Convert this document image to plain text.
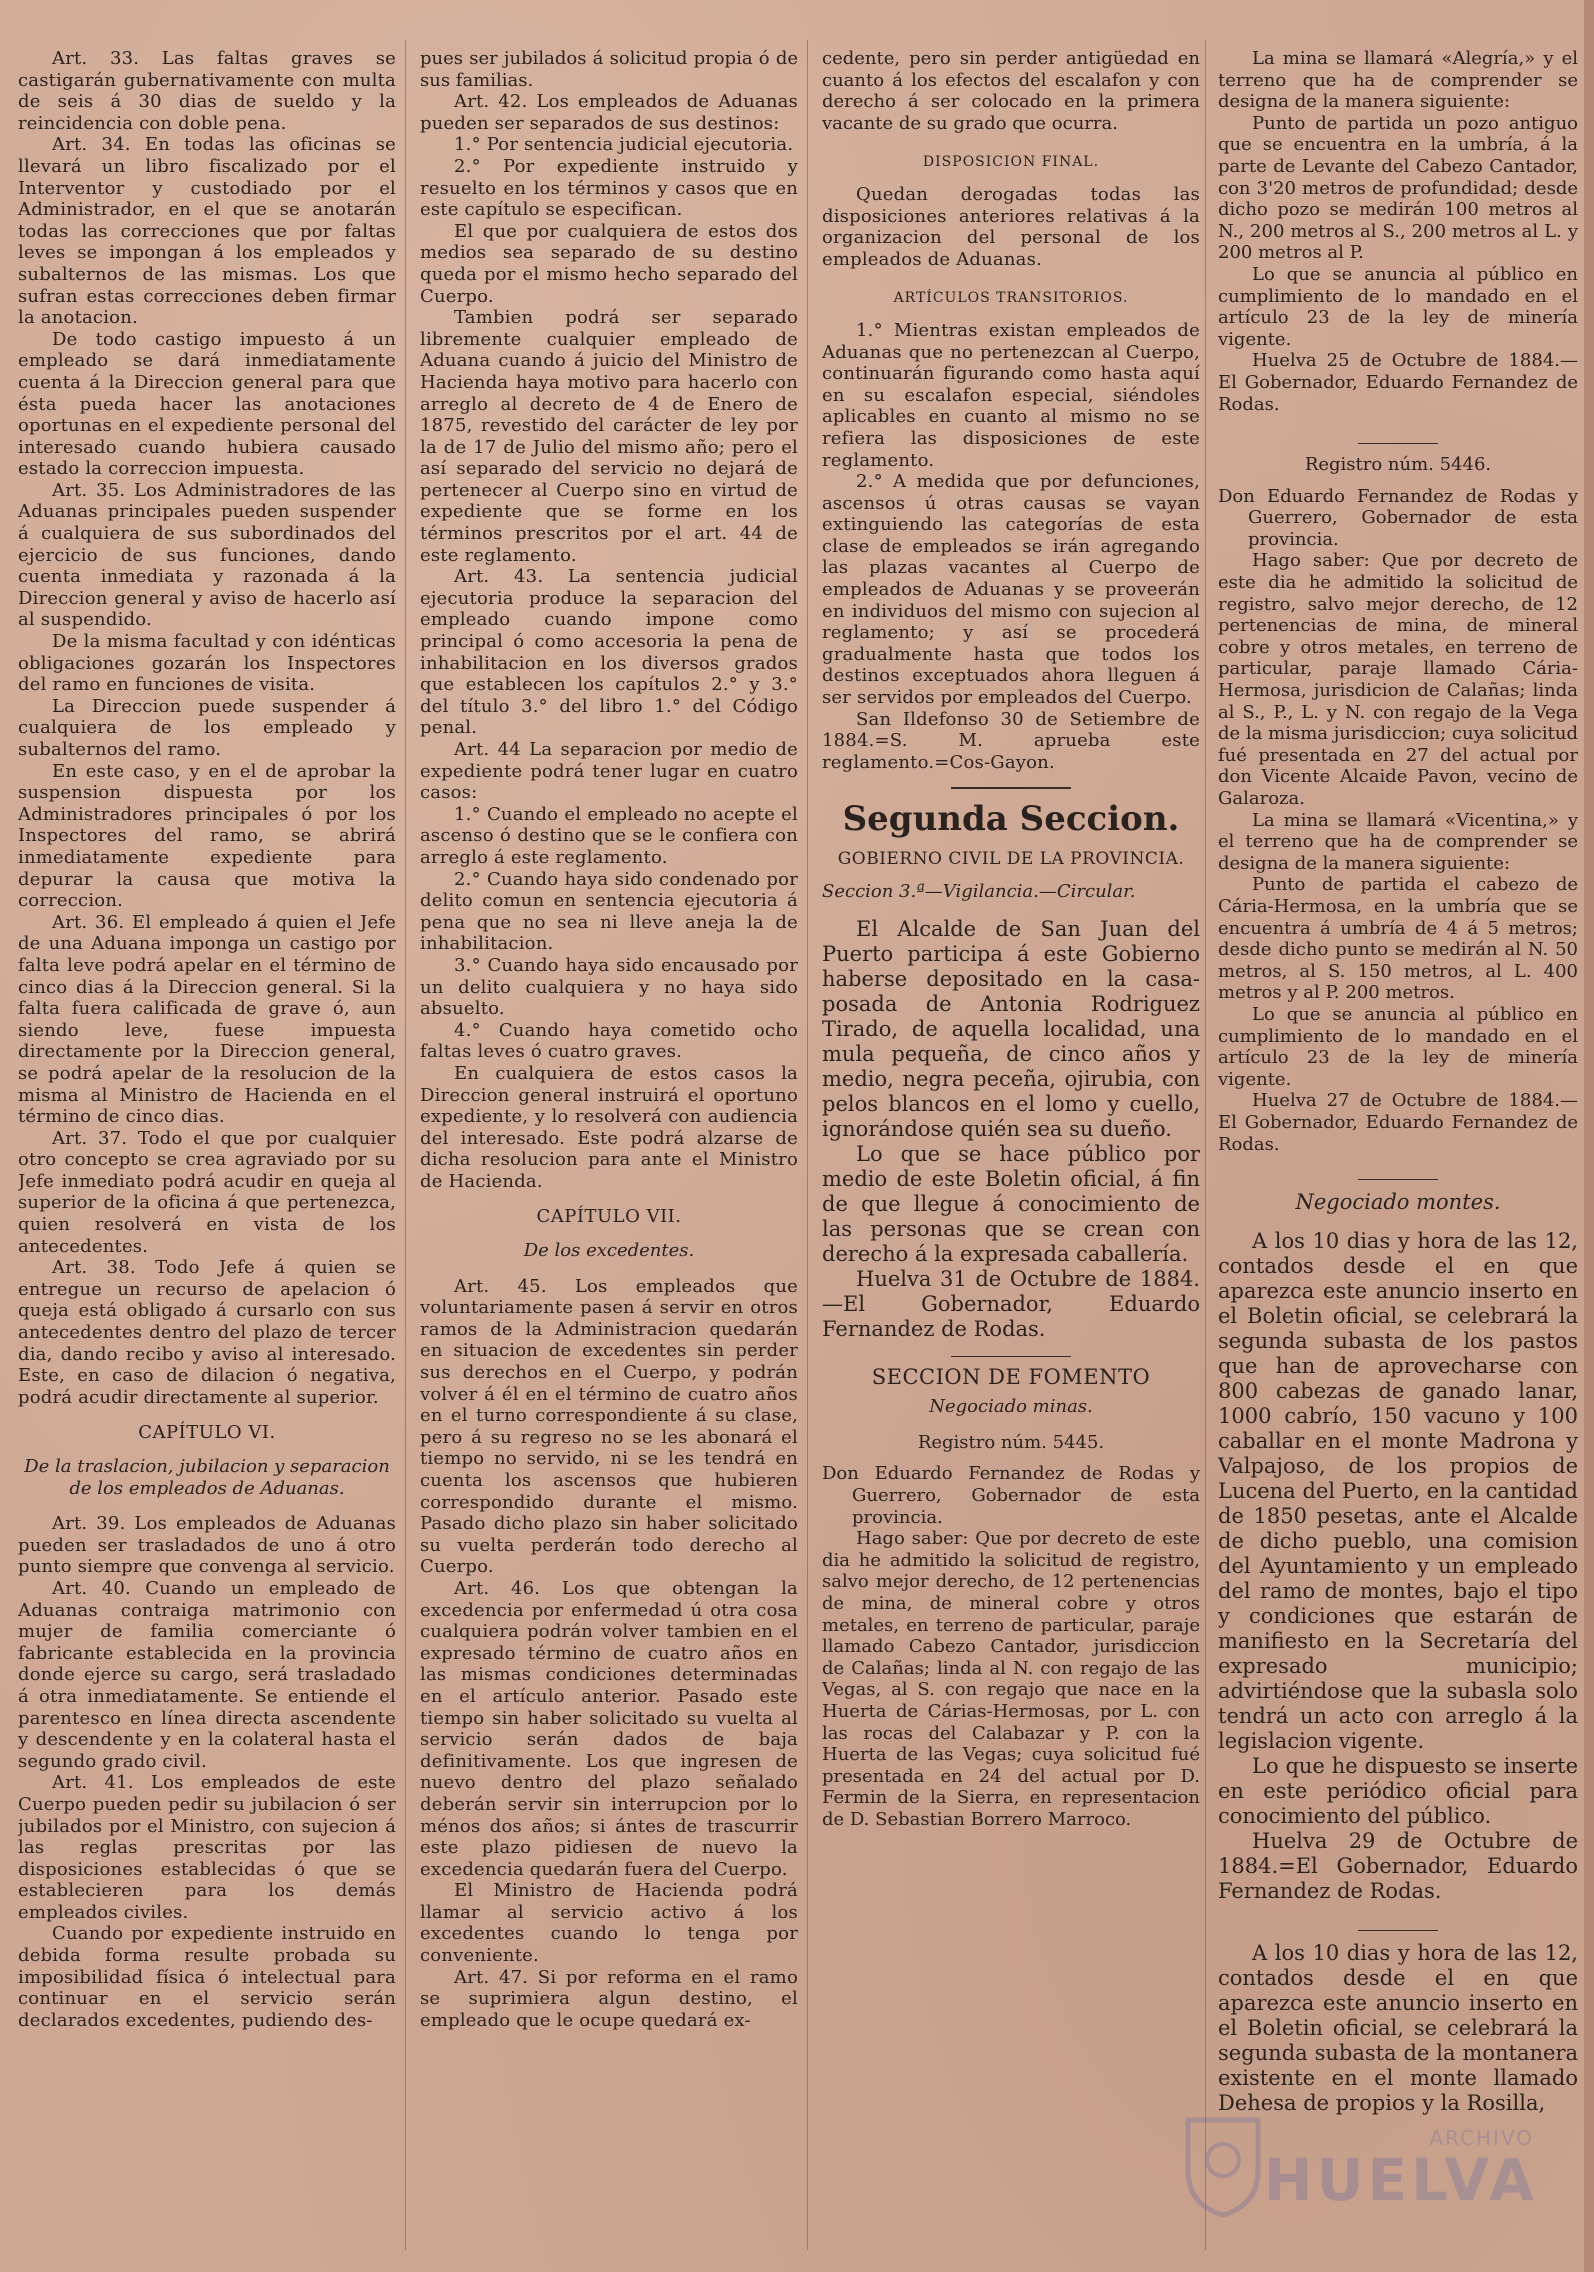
Art. 33. Las faltas graves se castigarán gubernativamente con multa de seis á 30 dias de sueldo y la reincidencia con doble pena.

Art. 34. En todas las oficinas se llevará un libro fiscalizado por el Interventor y custodiado por el Administrador, en el que se anotarán todas las correcciones que por faltas leves se impongan á los empleados y subalternos de las mismas. Los que sufran estas correcciones deben firmar la anotacion.

De todo castigo impuesto á un empleado se dará inmediatamente cuenta á la Direccion general para que ésta pueda hacer las anotaciones oportunas en el expediente personal del interesado cuando hubiera causado estado la correccion impuesta.

Art. 35. Los Administradores de las Aduanas principales pueden suspender á cualquiera de sus subordinados del ejercicio de sus funciones, dando cuenta inmediata y razonada á la Direccion general y aviso de hacerlo así al suspendido.

De la misma facultad y con idénticas obligaciones gozarán los Inspectores del ramo en funciones de visita.

La Direccion puede suspender á cualquiera de los empleado y subalternos del ramo.

En este caso, y en el de aprobar la suspension dispuesta por los Administradores principales ó por los Inspectores del ramo, se abrirá inmediatamente expediente para depurar la causa que motiva la correccion.

Art. 36. El empleado á quien el Jefe de una Aduana imponga un castigo por falta leve podrá apelar en el término de cinco dias á la Direccion general. Si la falta fuera calificada de grave ó, aun siendo leve, fuese impuesta directamente por la Direccion general, se podrá apelar de la resolucion de la misma al Ministro de Hacienda en el término de cinco dias.

Art. 37. Todo el que por cualquier otro concepto se crea agraviado por su Jefe inmediato podrá acudir en queja al superior de la oficina á que pertenezca, quien resolverá en vista de los antecedentes.

Art. 38. Todo Jefe á quien se entregue un recurso de apelacion ó queja está obligado á cursarlo con sus antecedentes dentro del plazo de tercer dia, dando recibo y aviso al interesado. Este, en caso de dilacion ó negativa, podrá acudir directamente al superior.

CAPÍTULO VI.

De la traslacion, jubilacion y separacion de los empleados de Aduanas.

Art. 39. Los empleados de Aduanas pueden ser trasladados de uno á otro punto siempre que convenga al servicio.

Art. 40. Cuando un empleado de Aduanas contraiga matrimonio con mujer de familia comerciante ó fabricante establecida en la provincia donde ejerce su cargo, será trasladado á otra inmediatamente. Se entiende el parentesco en línea directa ascendente y descendente y en la colateral hasta el segundo grado civil.

Art. 41. Los empleados de este Cuerpo pueden pedir su jubilacion ó ser jubilados por el Ministro, con sujecion á las reglas prescritas por las disposiciones establecidas ó que se establecieren para los demás empleados civiles.

Cuando por expediente instruido en debida forma resulte probada su imposibilidad física ó intelectual para continuar en el servicio serán declarados excedentes, pudiendo des-

pues ser jubilados á solicitud propia ó de sus familias.

Art. 42. Los empleados de Aduanas pueden ser separados de sus destinos:

1.° Por sentencia judicial ejecutoria.

2.° Por expediente instruido y resuelto en los términos y casos que en este capítulo se especifican.

El que por cualquiera de estos dos medios sea separado de su destino queda por el mismo hecho separado del Cuerpo.

Tambien podrá ser separado libremente cualquier empleado de Aduana cuando á juicio del Ministro de Hacienda haya motivo para hacerlo con arreglo al decreto de 4 de Enero de 1875, revestido del carácter de ley por la de 17 de Julio del mismo año; pero el así separado del servicio no dejará de pertenecer al Cuerpo sino en virtud de expediente que se forme en los términos prescritos por el art. 44 de este reglamento.

Art. 43. La sentencia judicial ejecutoria produce la separacion del empleado cuando impone como principal ó como accesoria la pena de inhabilitacion en los diversos grados que establecen los capítulos 2.° y 3.° del título 3.° del libro 1.° del Código penal.

Art. 44 La separacion por medio de expediente podrá tener lugar en cuatro casos:

1.° Cuando el empleado no acepte el ascenso ó destino que se le confiera con arreglo á este reglamento.

2.° Cuando haya sido condenado por delito comun en sentencia ejecutoria á pena que no sea ni lleve aneja la de inhabilitacion.

3.° Cuando haya sido encausado por un delito cualquiera y no haya sido absuelto.

4.° Cuando haya cometido ocho faltas leves ó cuatro graves.

En cualquiera de estos casos la Direccion general instruirá el oportuno expediente, y lo resolverá con audiencia del interesado. Este podrá alzarse de dicha resolucion para ante el Ministro de Hacienda.

CAPÍTULO VII.

De los excedentes.

Art. 45. Los empleados que voluntariamente pasen á servir en otros ramos de la Administracion quedarán en situacion de excedentes sin perder sus derechos en el Cuerpo, y podrán volver á él en el término de cuatro años en el turno correspondiente á su clase, pero á su regreso no se les abonará el tiempo no servido, ni se les tendrá en cuenta los ascensos que hubieren correspondido durante el mismo. Pasado dicho plazo sin haber solicitado su vuelta perderán todo derecho al Cuerpo.

Art. 46. Los que obtengan la excedencia por enfermedad ú otra cosa cualquiera podrán volver tambien en el expresado término de cuatro años en las mismas condiciones determinadas en el artículo anterior. Pasado este tiempo sin haber solicitado su vuelta al servicio serán dados de baja definitivamente. Los que ingresen de nuevo dentro del plazo señalado deberán servir sin interrupcion por lo ménos dos años; si ántes de trascurrir este plazo pidiesen de nuevo la excedencia quedarán fuera del Cuerpo.

El Ministro de Hacienda podrá llamar al servicio activo á los excedentes cuando lo tenga por conveniente.

Art. 47. Si por reforma en el ramo se suprimiera algun destino, el empleado que le ocupe quedará ex-

cedente, pero sin perder antigüedad en cuanto á los efectos del escalafon y con derecho á ser colocado en la primera vacante de su grado que ocurra.

DISPOSICION FINAL.

Quedan derogadas todas las disposiciones anteriores relativas á la organizacion del personal de los empleados de Aduanas.

ARTÍCULOS TRANSITORIOS.

1.° Mientras existan empleados de Aduanas que no pertenezcan al Cuerpo, continuarán figurando como hasta aquí en su escalafon especial, siéndoles aplicables en cuanto al mismo no se refiera las disposiciones de este reglamento.

2.° A medida que por defunciones, ascensos ú otras causas se vayan extinguiendo las categorías de esta clase de empleados se irán agregando las plazas vacantes al Cuerpo de empleados de Aduanas y se proveerán en individuos del mismo con sujecion al reglamento; y así se procederá gradualmente hasta que todos los destinos exceptuados ahora lleguen á ser servidos por empleados del Cuerpo.

San Ildefonso 30 de Setiembre de 1884.=S. M. aprueba este reglamento.=Cos-Gayon.

Segunda Seccion.

GOBIERNO CIVIL DE LA PROVINCIA.

Seccion 3.ª—Vigilancia.—Circular.

El Alcalde de San Juan del Puerto participa á este Gobierno haberse depositado en la casa-posada de Antonia Rodriguez Tirado, de aquella localidad, una mula pequeña, de cinco años y medio, negra peceña, ojirubia, con pelos blancos en el lomo y cuello, ignorándose quién sea su dueño.

Lo que se hace público por medio de este Boletin oficial, á fin de que llegue á conocimiento de las personas que se crean con derecho á la expresada caballería.

Huelva 31 de Octubre de 1884. —El Gobernador, Eduardo Fernandez de Rodas.

SECCION DE FOMENTO

Negociado minas.

Registro núm. 5445.

Don Eduardo Fernandez de Rodas y Guerrero, Gobernador de esta provincia.

Hago saber: Que por decreto de este dia he admitido la solicitud de registro, salvo mejor derecho, de 12 pertenencias de mina, de mineral cobre y otros metales, en terreno de particular, paraje llamado Cabezo Cantador, jurisdiccion de Calañas; linda al N. con regajo de las Vegas, al S. con regajo que nace en la Huerta de Cárias-Hermosas, por L. con las rocas del Calabazar y P. con la Huerta de las Vegas; cuya solicitud fué presentada en 24 del actual por D. Fermin de la Sierra, en representacion de D. Sebastian Borrero Marroco.

La mina se llamará «Alegría,» y el terreno que ha de comprender se designa de la manera siguiente:

Punto de partida un pozo antiguo que se encuentra en la umbría, á la parte de Levante del Cabezo Cantador, con 3'20 metros de profundidad; desde dicho pozo se medirán 100 metros al N., 200 metros al S., 200 metros al L. y 200 metros al P.

Lo que se anuncia al público en cumplimiento de lo mandado en el artículo 23 de la ley de minería vigente.

Huelva 25 de Octubre de 1884.— El Gobernador, Eduardo Fernandez de Rodas.

Registro núm. 5446.

Don Eduardo Fernandez de Rodas y Guerrero, Gobernador de esta provincia.

Hago saber: Que por decreto de este dia he admitido la solicitud de registro, salvo mejor derecho, de 12 pertenencias de mina, de mineral cobre y otros metales, en terreno de particular, paraje llamado Cária-Hermosa, jurisdicion de Calañas; linda al S., P., L. y N. con regajo de la Vega de la misma jurisdiccion; cuya solicitud fué presentada en 27 del actual por don Vicente Alcaide Pavon, vecino de Galaroza.

La mina se llamará «Vicentina,» y el terreno que ha de comprender se designa de la manera siguiente:

Punto de partida el cabezo de Cária-Hermosa, en la umbría que se encuentra á umbría de 4 á 5 metros; desde dicho punto se medirán al N. 50 metros, al S. 150 metros, al L. 400 metros y al P. 200 metros.

Lo que se anuncia al público en cumplimiento de lo mandado en el artículo 23 de la ley de minería vigente.

Huelva 27 de Octubre de 1884.— El Gobernador, Eduardo Fernandez de Rodas.

Negociado montes.

A los 10 dias y hora de las 12, contados desde el en que aparezca este anuncio inserto en el Boletin oficial, se celebrará la segunda subasta de los pastos que han de aprovecharse con 800 cabezas de ganado lanar, 1000 cabrío, 150 vacuno y 100 caballar en el monte Madrona y Valpajoso, de los propios de Lucena del Puerto, en la cantidad de 1850 pesetas, ante el Alcalde de dicho pueblo, una comision del Ayuntamiento y un empleado del ramo de montes, bajo el tipo y condiciones que estarán de manifiesto en la Secretaría del expresado municipio; advirtiéndose que la subasla solo tendrá un acto con arreglo á la legislacion vigente.

Lo que he dispuesto se inserte en este periódico oficial para conocimiento del público.

Huelva 29 de Octubre de 1884.=El Gobernador, Eduardo Fernandez de Rodas.

A los 10 dias y hora de las 12, contados desde el en que aparezca este anuncio inserto en el Boletin oficial, se celebrará la segunda subasta de la montanera existente en el monte llamado Dehesa de propios y la Rosilla,

ARCHIVO
HUELVA
